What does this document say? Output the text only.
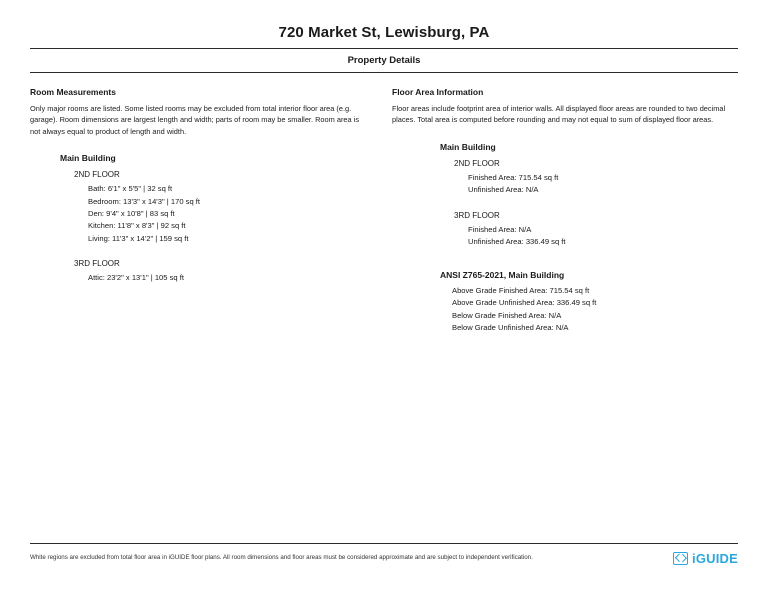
720 Market St, Lewisburg, PA
Property Details
Room Measurements
Only major rooms are listed. Some listed rooms may be excluded from total interior floor area (e.g. garage). Room dimensions are largest length and width; parts of room may be smaller. Room area is not always equal to product of length and width.
Main Building
2ND FLOOR
Bath: 6'1" x 5'5" | 32 sq ft
Bedroom: 13'3" x 14'3" | 170 sq ft
Den: 9'4" x 10'8" | 83 sq ft
Kitchen: 11'8" x 8'3" | 92 sq ft
Living: 11'3" x 14'2" | 159 sq ft
3RD FLOOR
Attic: 23'2" x 13'1" | 105 sq ft
Floor Area Information
Floor areas include footprint area of interior walls. All displayed floor areas are rounded to two decimal places. Total area is computed before rounding and may not equal to sum of displayed floor areas.
Main Building
2ND FLOOR
Finished Area: 715.54 sq ft
Unfinished Area: N/A
3RD FLOOR
Finished Area: N/A
Unfinished Area: 336.49 sq ft
ANSI Z765-2021, Main Building
Above Grade Finished Area: 715.54 sq ft
Above Grade Unfinished Area: 336.49 sq ft
Below Grade Finished Area: N/A
Below Grade Unfinished Area: N/A
White regions are excluded from total floor area in iGUIDE floor plans. All room dimensions and floor areas must be considered approximate and are subject to independent verification.	iGUIDE
